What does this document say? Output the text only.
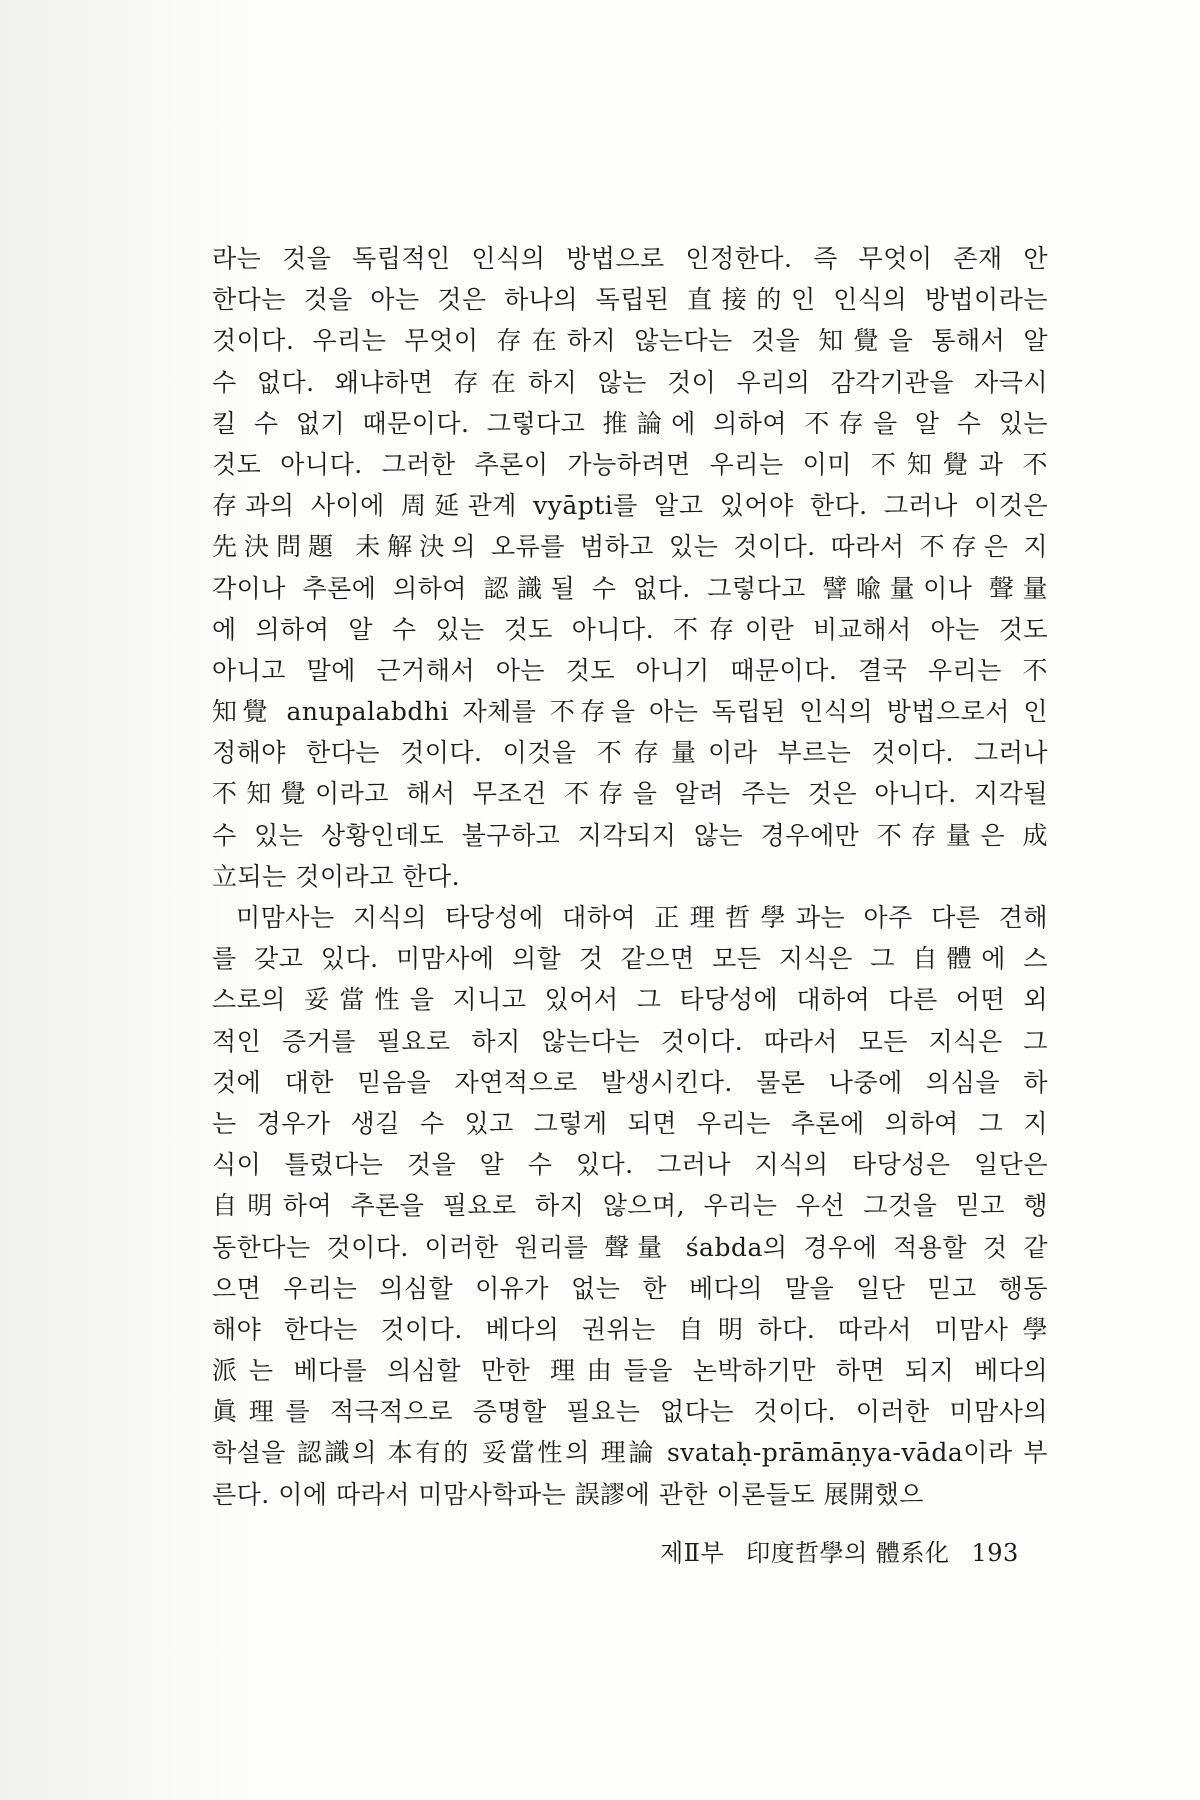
라는 것을 독립적인 인식의 방법으로 인정한다. 즉 무엇이 존재 안
한다는 것을 아는 것은 하나의 독립된 直接的인 인식의 방법이라는
것이다. 우리는 무엇이 存在하지 않는다는 것을 知覺을 통해서 알
수 없다. 왜냐하면 存在하지 않는 것이 우리의 감각기관을 자극시
킬 수 없기 때문이다. 그렇다고 推論에 의하여 不存을 알 수 있는
것도 아니다. 그러한 추론이 가능하려면 우리는 이미 不知覺과 不
存과의 사이에 周延관계 vyāpti를 알고 있어야 한다. 그러나 이것은
先決問題 未解決의 오류를 범하고 있는 것이다. 따라서 不存은 지
각이나 추론에 의하여 認識될 수 없다. 그렇다고 譬喩量이나 聲量
에 의하여 알 수 있는 것도 아니다. 不存이란 비교해서 아는 것도
아니고 말에 근거해서 아는 것도 아니기 때문이다. 결국 우리는 不
知覺 anupalabdhi 자체를 不存을 아는 독립된 인식의 방법으로서 인
정해야 한다는 것이다. 이것을 不存量이라 부르는 것이다. 그러나
不知覺이라고 해서 무조건 不存을 알려 주는 것은 아니다. 지각될
수 있는 상황인데도 불구하고 지각되지 않는 경우에만 不存量은 成
立되는 것이라고 한다.
미맘사는 지식의 타당성에 대하여 正理哲學과는 아주 다른 견해
를 갖고 있다. 미맘사에 의할 것 같으면 모든 지식은 그 自體에 스
스로의 妥當性을 지니고 있어서 그 타당성에 대하여 다른 어떤 외
적인 증거를 필요로 하지 않는다는 것이다. 따라서 모든 지식은 그
것에 대한 믿음을 자연적으로 발생시킨다. 물론 나중에 의심을 하
는 경우가 생길 수 있고 그렇게 되면 우리는 추론에 의하여 그 지
식이 틀렸다는 것을 알 수 있다. 그러나 지식의 타당성은 일단은
自明하여 추론을 필요로 하지 않으며, 우리는 우선 그것을 믿고 행
동한다는 것이다. 이러한 원리를 聲量 śabda의 경우에 적용할 것 같
으면 우리는 의심할 이유가 없는 한 베다의 말을 일단 믿고 행동
해야 한다는 것이다. 베다의 권위는 自明하다. 따라서 미맘사學
派는 베다를 의심할 만한 理由들을 논박하기만 하면 되지 베다의
眞理를 적극적으로 증명할 필요는 없다는 것이다. 이러한 미맘사의
학설을 認識의 本有的 妥當性의 理論 svataḥ-prāmāṇya-vāda이라 부
른다. 이에 따라서 미맘사학파는 誤謬에 관한 이론들도 展開했으
제Ⅱ부 印度哲學의 體系化 193
